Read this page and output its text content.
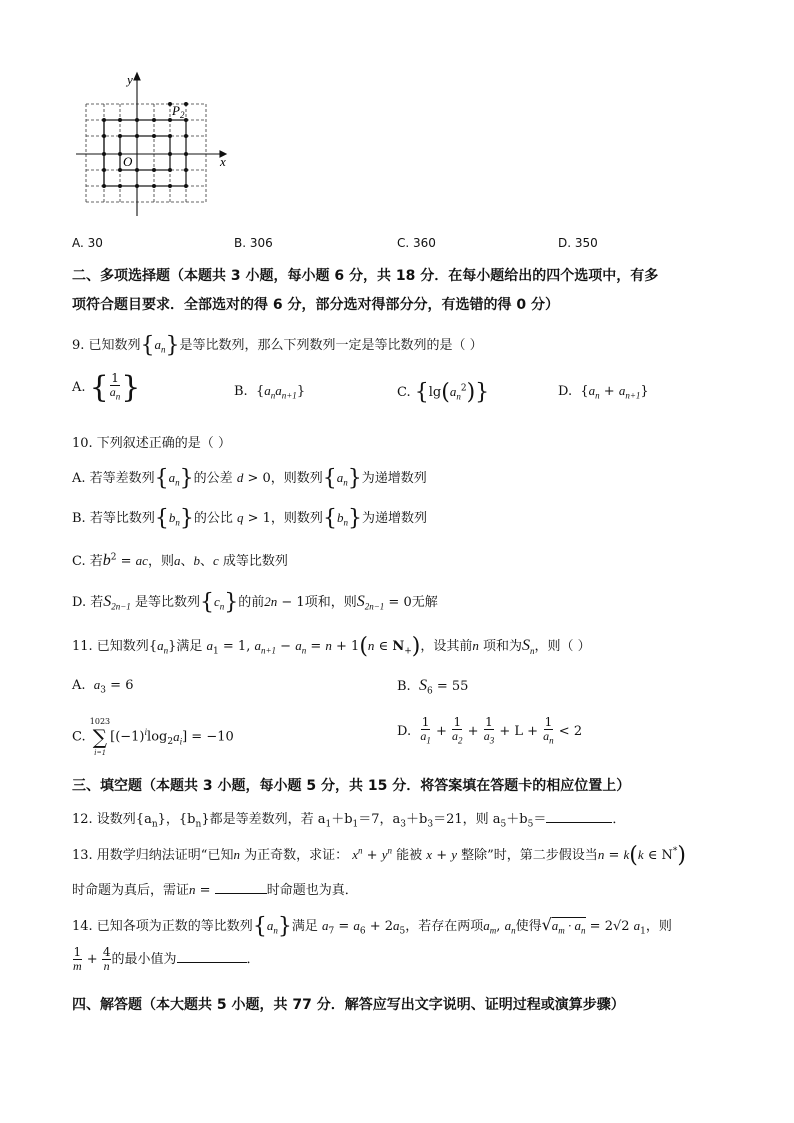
y
x
O
$P_2$
A. 30	B. 306	C. 360	D. 350
二、多项选择题（本题共 3 小题，每小题 6 分，共 18 分．在每小题给出的四个选项中，有多
项符合题目要求．全部选对的得 6 分，部分选对得部分分，有选错的得 0 分）
9. 已知数列$\{a_n\}$是等比数列，那么下列数列一定是等比数列的是（ ）
A. { $\frac{1}{a_n}$ }	B. $\{a_na_{n+1}\}$	C. $\{\lg(a_n^2)\}$	D. $\{a_n + a_{n+1}\}$
10. 下列叙述正确的是（ ）
A. 若等差数列$\{a_n\}$的公差 d > 0，则数列$\{a_n\}$为递增数列
B. 若等比数列$\{b_n\}$的公比 q > 1，则数列$\{b_n\}$为递增数列
C. 若$b^2$ = ac，则a、b、c 成等比数列
D. 若$S_{2n-1}$ 是等比数列$\{c_n\}$的前2n − 1项和，则$S_{2n-1} = 0$无解
11. 已知数列$\{a_n\}$满足 $a_1 = 1$, $a_{n+1} - a_n = n + 1(n$ ∈ $N_+$)，设其前n 项和为$S_n$，则（ ）
A. $a_3 = 6$	B. $S_6 = 55$
C.
1023
∑
i=1
$[(-1)^i\log_2a_i] = -10$	D. $\frac{1}{a_1} + \frac{1}{a_2} + \frac{1}{a_3} + L + \frac{1}{a_n} < 2$
三、填空题（本题共 3 小题，每小题 5 分，共 15 分．将答案填在答题卡的相应位置上）
12. 设数列$\{a_n\}$，$\{b_n\}$都是等差数列，若 $a_1+b_1=7$，$a_3+b_3=21$，则 $a_5+b_5=$	．
13. 用数学归纳法证明“已知n 为正奇数，求证： $x^n + y^n$ 能被 x + y 整除”时，第二步假设当n = k(k ∈ N*)
时命题为真后，需证n =	时命题也为真．
14. 已知各项为正数的等比数列$\{a_n\}$满足 $a_7 = a_6 + 2a_5$，若存在两项$a_m$, $a_n$使得$√a_m \cdot a_n = 2√2$ $a_1$，则
$\frac{1}{m} + \frac{4}{n}$ 的最小值为	．
四、解答题（本大题共 5 小题，共 77 分．解答应写出文字说明、证明过程或演算步骤）
